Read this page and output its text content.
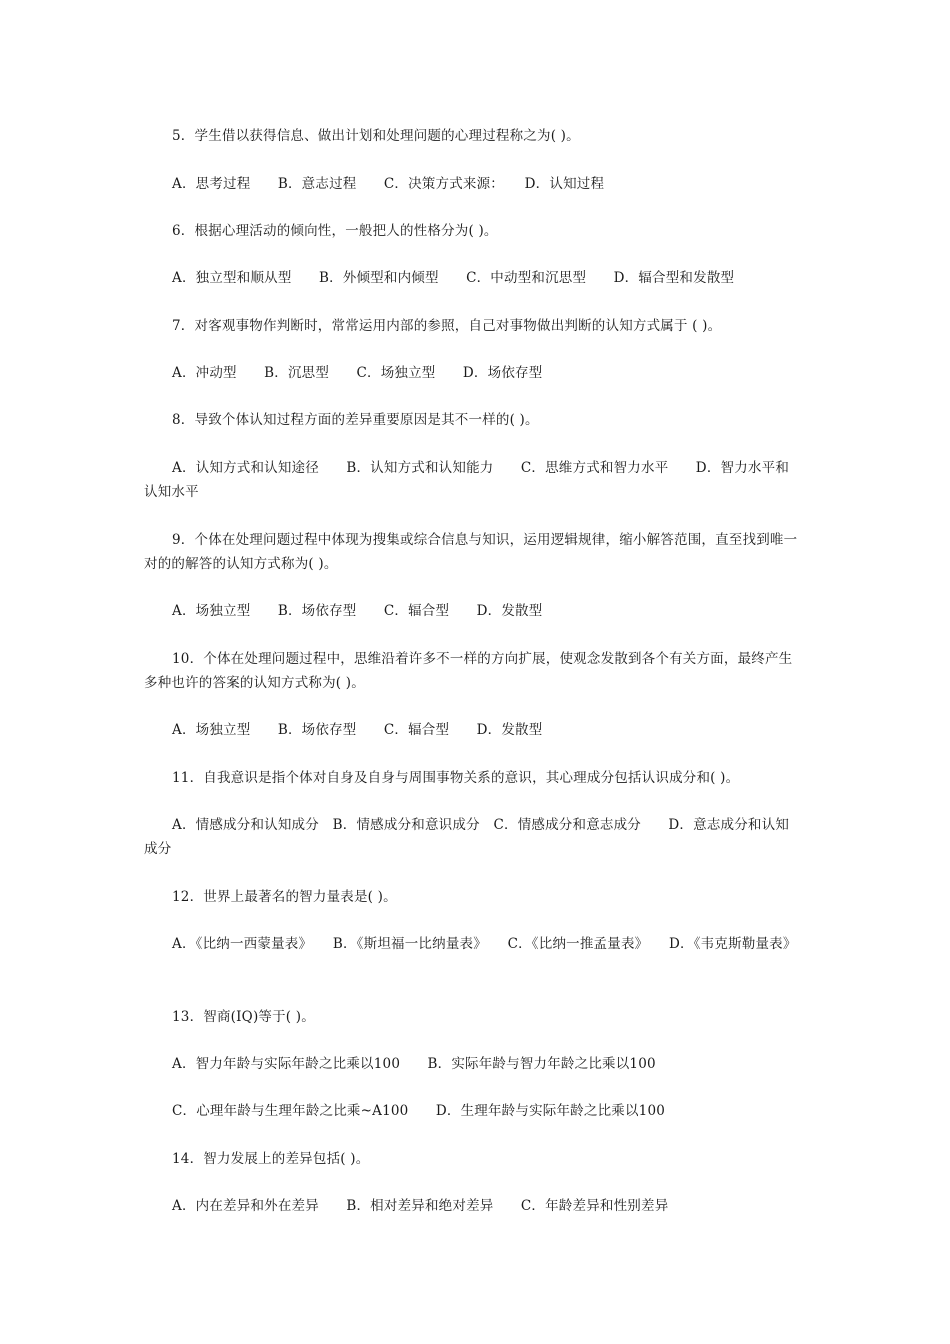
5．学生借以获得信息、做出计划和处理问题的心理过程称之为( )。

A．思考过程　　B．意志过程　　C．决策方式来源：　　D．认知过程

6．根据心理活动的倾向性，一般把人的性格分为( )。

A．独立型和顺从型　　B．外倾型和内倾型　　C．中动型和沉思型　　D．辐合型和发散型

7．对客观事物作判断时，常常运用内部的参照，自己对事物做出判断的认知方式属于 ( )。

A．冲动型　　B．沉思型　　C．场独立型　　D．场依存型

8．导致个体认知过程方面的差异重要原因是其不一样的( )。

A．认知方式和认知途径　　B．认知方式和认知能力　　C．思维方式和智力水平　　D．智力水平和认知水平

9．个体在处理问题过程中体现为搜集或综合信息与知识，运用逻辑规律，缩小解答范围，直至找到唯一对的的解答的认知方式称为( )。

A．场独立型　　B．场依存型　　C．辐合型　　D．发散型

10．个体在处理问题过程中，思维沿着许多不一样的方向扩展，使观念发散到各个有关方面，最终产生多种也许的答案的认知方式称为( )。

A．场独立型　　B．场依存型　　C．辐合型　　D．发散型

11．自我意识是指个体对自身及自身与周围事物关系的意识，其心理成分包括认识成分和( )。

A．情感成分和认知成分　B．情感成分和意识成分　C．情感成分和意志成分　　D．意志成分和认知成分

12．世界上最著名的智力量表是( )。

A．《比纳一西蒙量表》　　B．《斯坦福一比纳量表》　　C．《比纳一推孟量表》　　D．《韦克斯勒量表》

13．智商(IQ)等于( )。

A．智力年龄与实际年龄之比乘以100　　B．实际年龄与智力年龄之比乘以100

C．心理年龄与生理年龄之比乘~A100　　D．生理年龄与实际年龄之比乘以100

14．智力发展上的差异包括( )。

A．内在差异和外在差异　　B．相对差异和绝对差异　　C．年龄差异和性别差异
